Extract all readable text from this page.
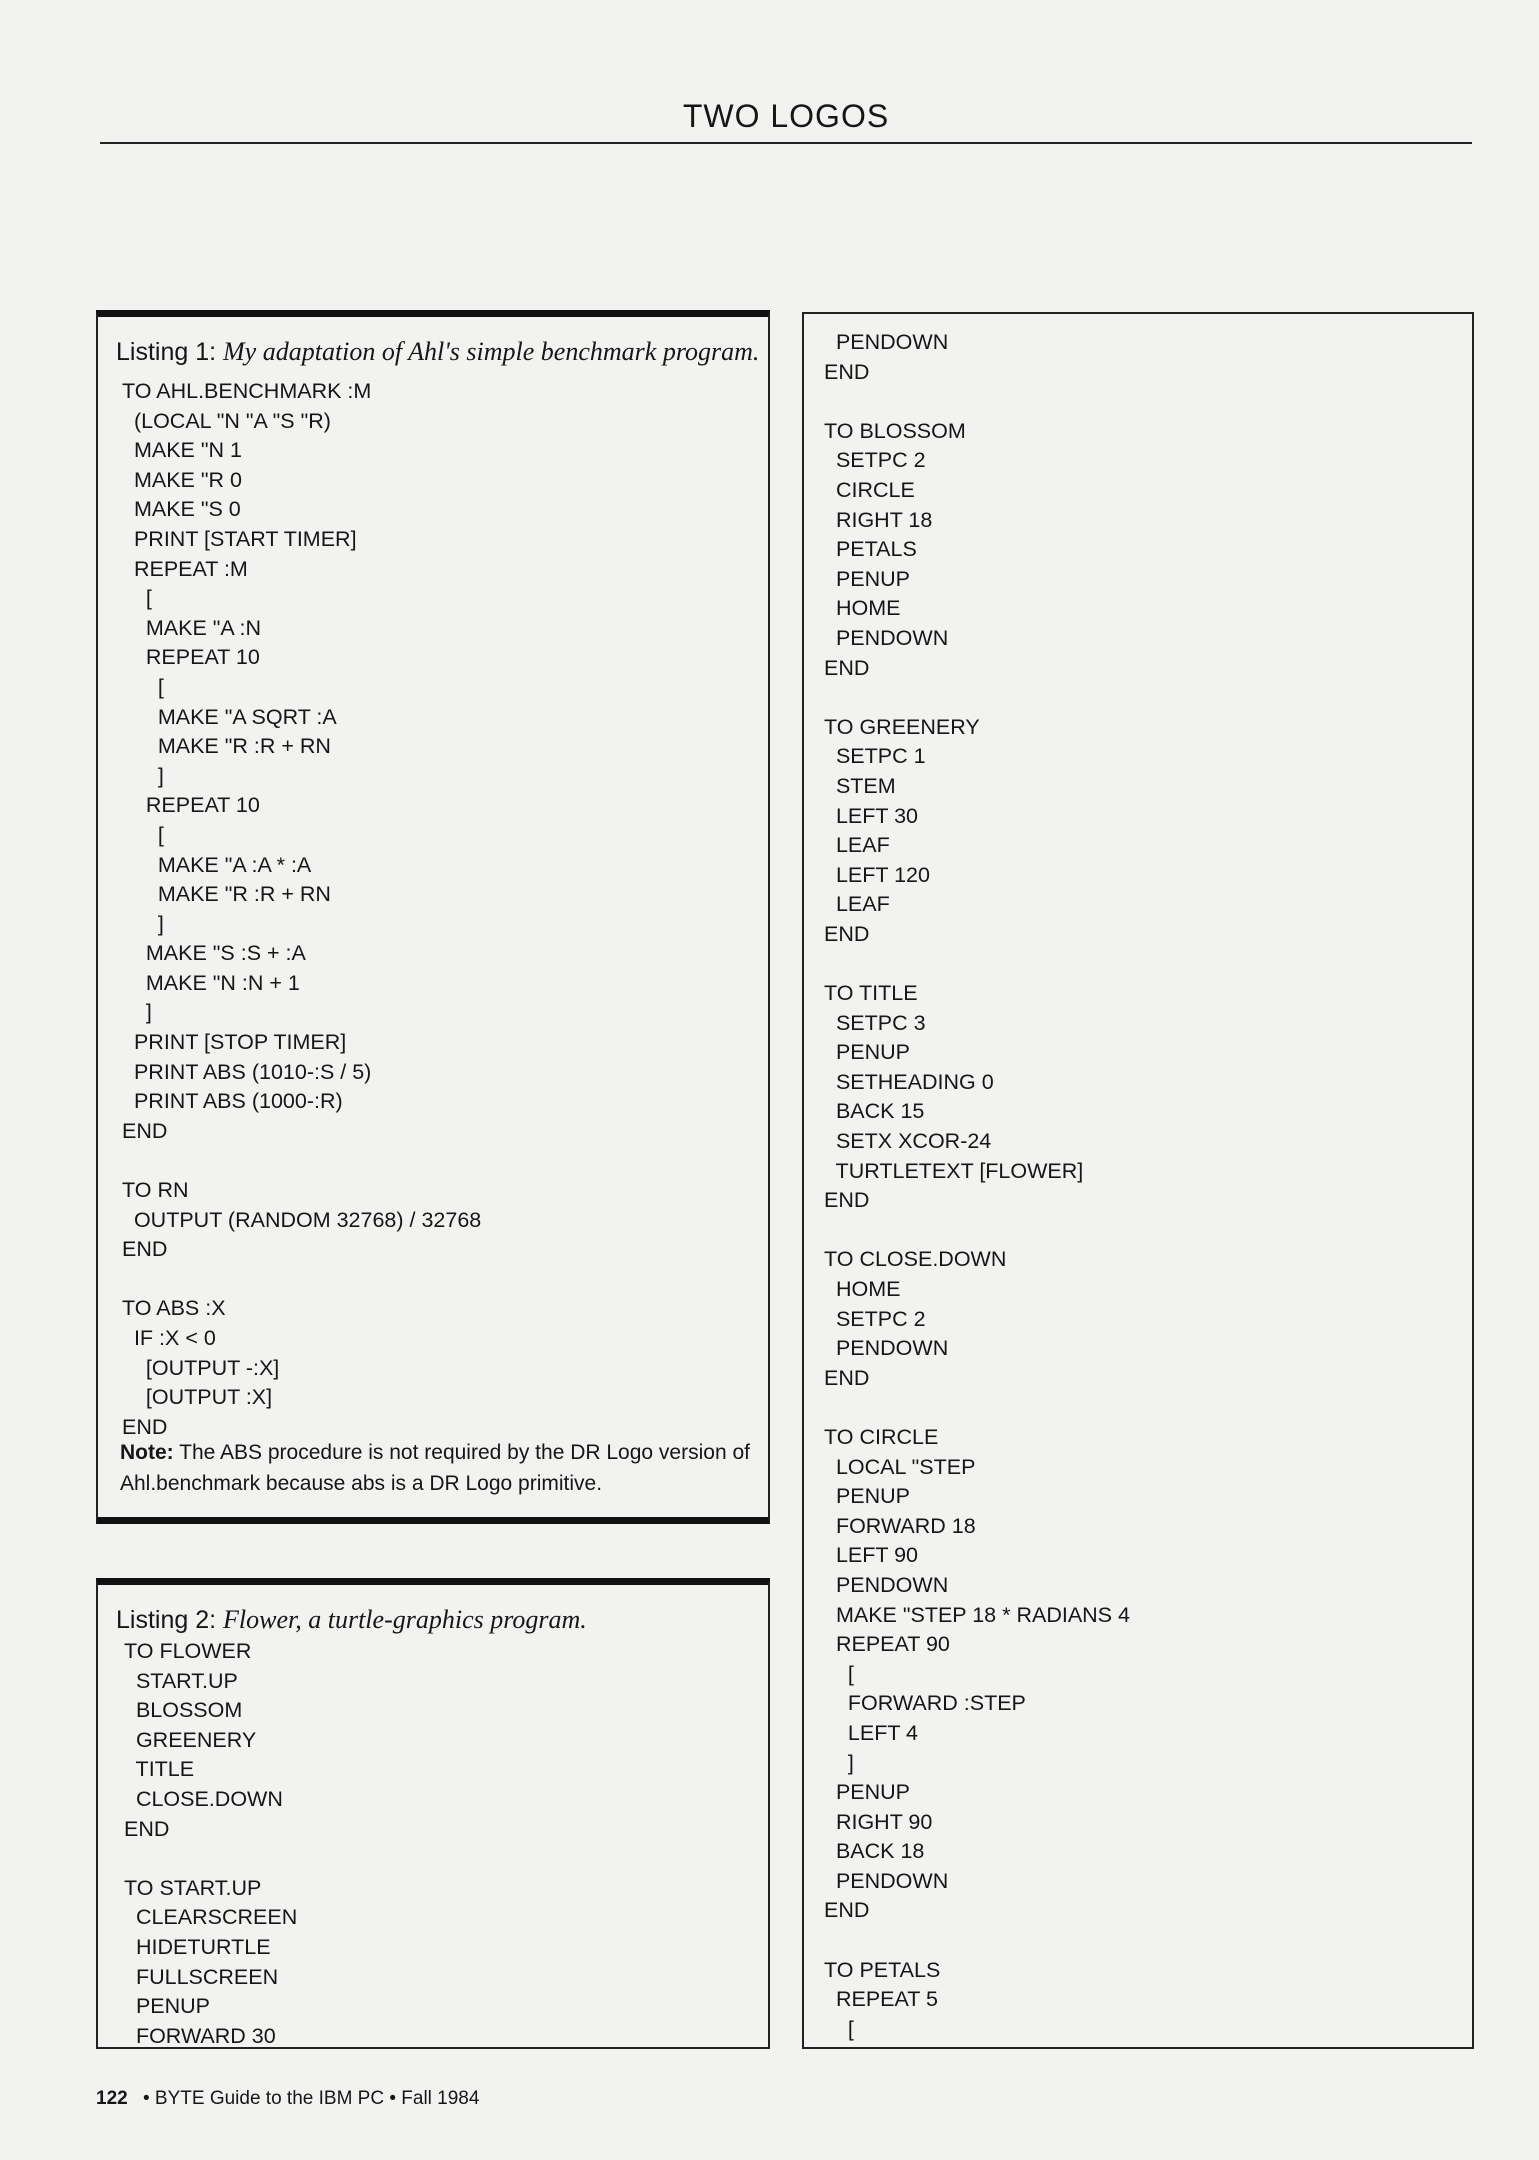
TWO LOGOS
Listing 1: My adaptation of Ahl's simple benchmark program.
TO AHL.BENCHMARK :M
(LOCAL "N "A "S "R)
MAKE "N 1
MAKE "R 0
MAKE "S 0
PRINT [START TIMER]
REPEAT :M
[
MAKE "A :N
REPEAT 10
[
MAKE "A SQRT :A
MAKE "R :R + RN
]
REPEAT 10
[
MAKE "A :A * :A
MAKE "R :R + RN
]
MAKE "S :S + :A
MAKE "N :N + 1
]
PRINT [STOP TIMER]
PRINT ABS (1010-:S / 5)
PRINT ABS (1000-:R)
END

TO RN
OUTPUT (RANDOM 32768) / 32768
END

TO ABS :X
IF :X < 0
[OUTPUT -:X]
[OUTPUT :X]
END
Note: The ABS procedure is not required by the DR Logo version of Ahl.benchmark because abs is a DR Logo primitive.
Listing 2: Flower, a turtle-graphics program.
TO FLOWER
START.UP
BLOSSOM
GREENERY
TITLE
CLOSE.DOWN
END

TO START.UP
CLEARSCREEN
HIDETURTLE
FULLSCREEN
PENUP
FORWARD 30
PENDOWN
END

TO BLOSSOM
SETPC 2
CIRCLE
RIGHT 18
PETALS
PENUP
HOME
PENDOWN
END

TO GREENERY
SETPC 1
STEM
LEFT 30
LEAF
LEFT 120
LEAF
END

TO TITLE
SETPC 3
PENUP
SETHEADING 0
BACK 15
SETX XCOR-24
TURTLETEXT [FLOWER]
END

TO CLOSE.DOWN
HOME
SETPC 2
PENDOWN
END

TO CIRCLE
LOCAL "STEP
PENUP
FORWARD 18
LEFT 90
PENDOWN
MAKE "STEP 18 * RADIANS 4
REPEAT 90
[
FORWARD :STEP
LEFT 4
]
PENUP
RIGHT 90
BACK 18
PENDOWN
END

TO PETALS
REPEAT 5
[
122 • BYTE Guide to the IBM PC • Fall 1984
